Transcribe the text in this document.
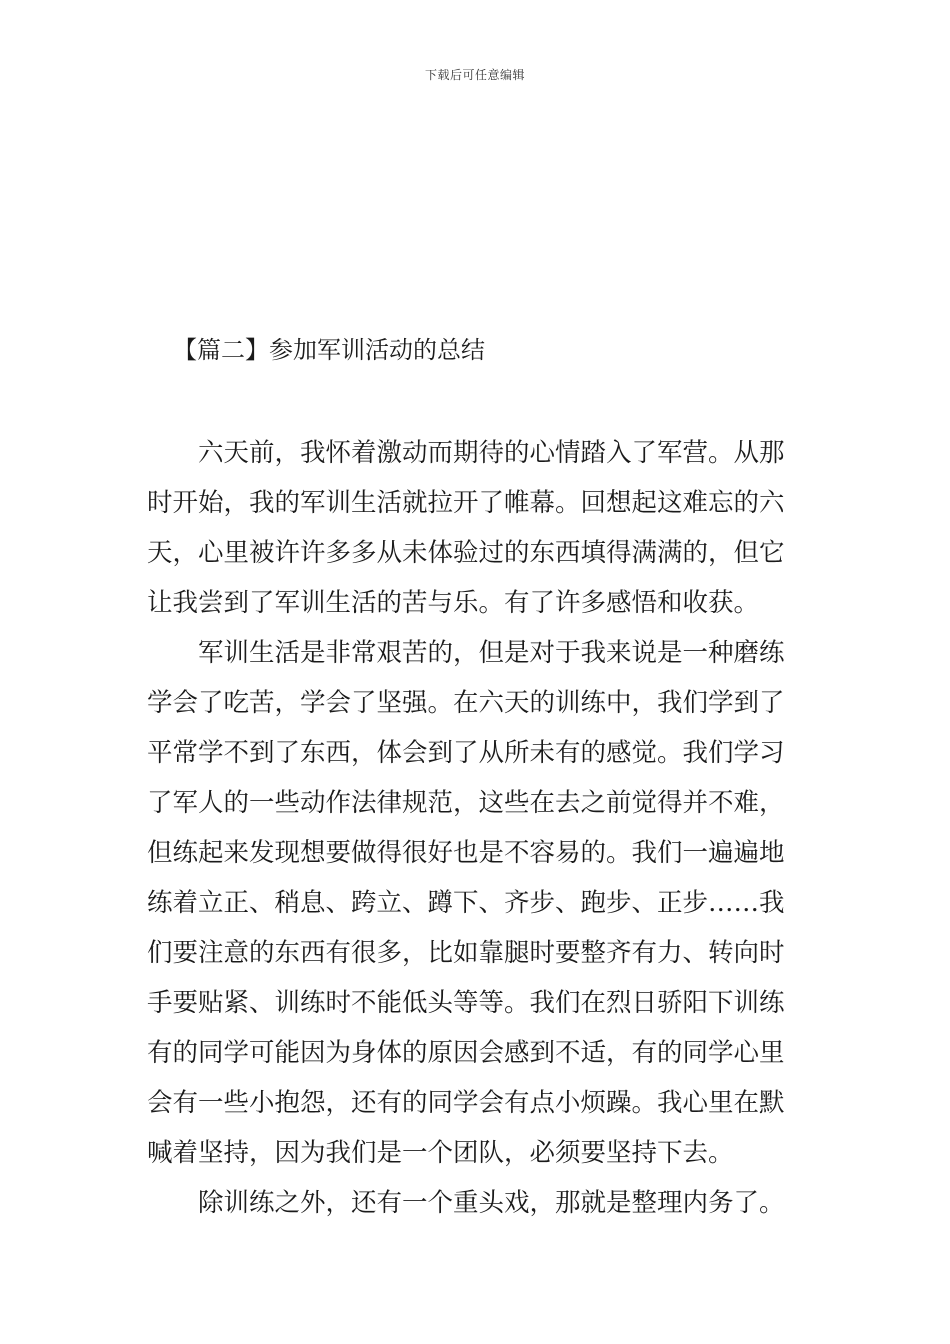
下载后可任意编辑
【篇二】参加军训活动的总结
　　六天前，我怀着激动而期待的心情踏入了军营。从那
时开始，我的军训生活就拉开了帷幕。回想起这难忘的六
天，心里被许许多多从未体验过的东西填得满满的，但它
让我尝到了军训生活的苦与乐。有了许多感悟和收获。
　　军训生活是非常艰苦的，但是对于我来说是一种磨练
学会了吃苦，学会了坚强。在六天的训练中，我们学到了
平常学不到了东西，体会到了从所未有的感觉。我们学习
了军人的一些动作法律规范，这些在去之前觉得并不难，
但练起来发现想要做得很好也是不容易的。我们一遍遍地
练着立正、稍息、跨立、蹲下、齐步、跑步、正步……我
们要注意的东西有很多，比如靠腿时要整齐有力、转向时
手要贴紧、训练时不能低头等等。我们在烈日骄阳下训练
有的同学可能因为身体的原因会感到不适，有的同学心里
会有一些小抱怨，还有的同学会有点小烦躁。我心里在默
喊着坚持，因为我们是一个团队，必须要坚持下去。
　　除训练之外，还有一个重头戏，那就是整理内务了。
